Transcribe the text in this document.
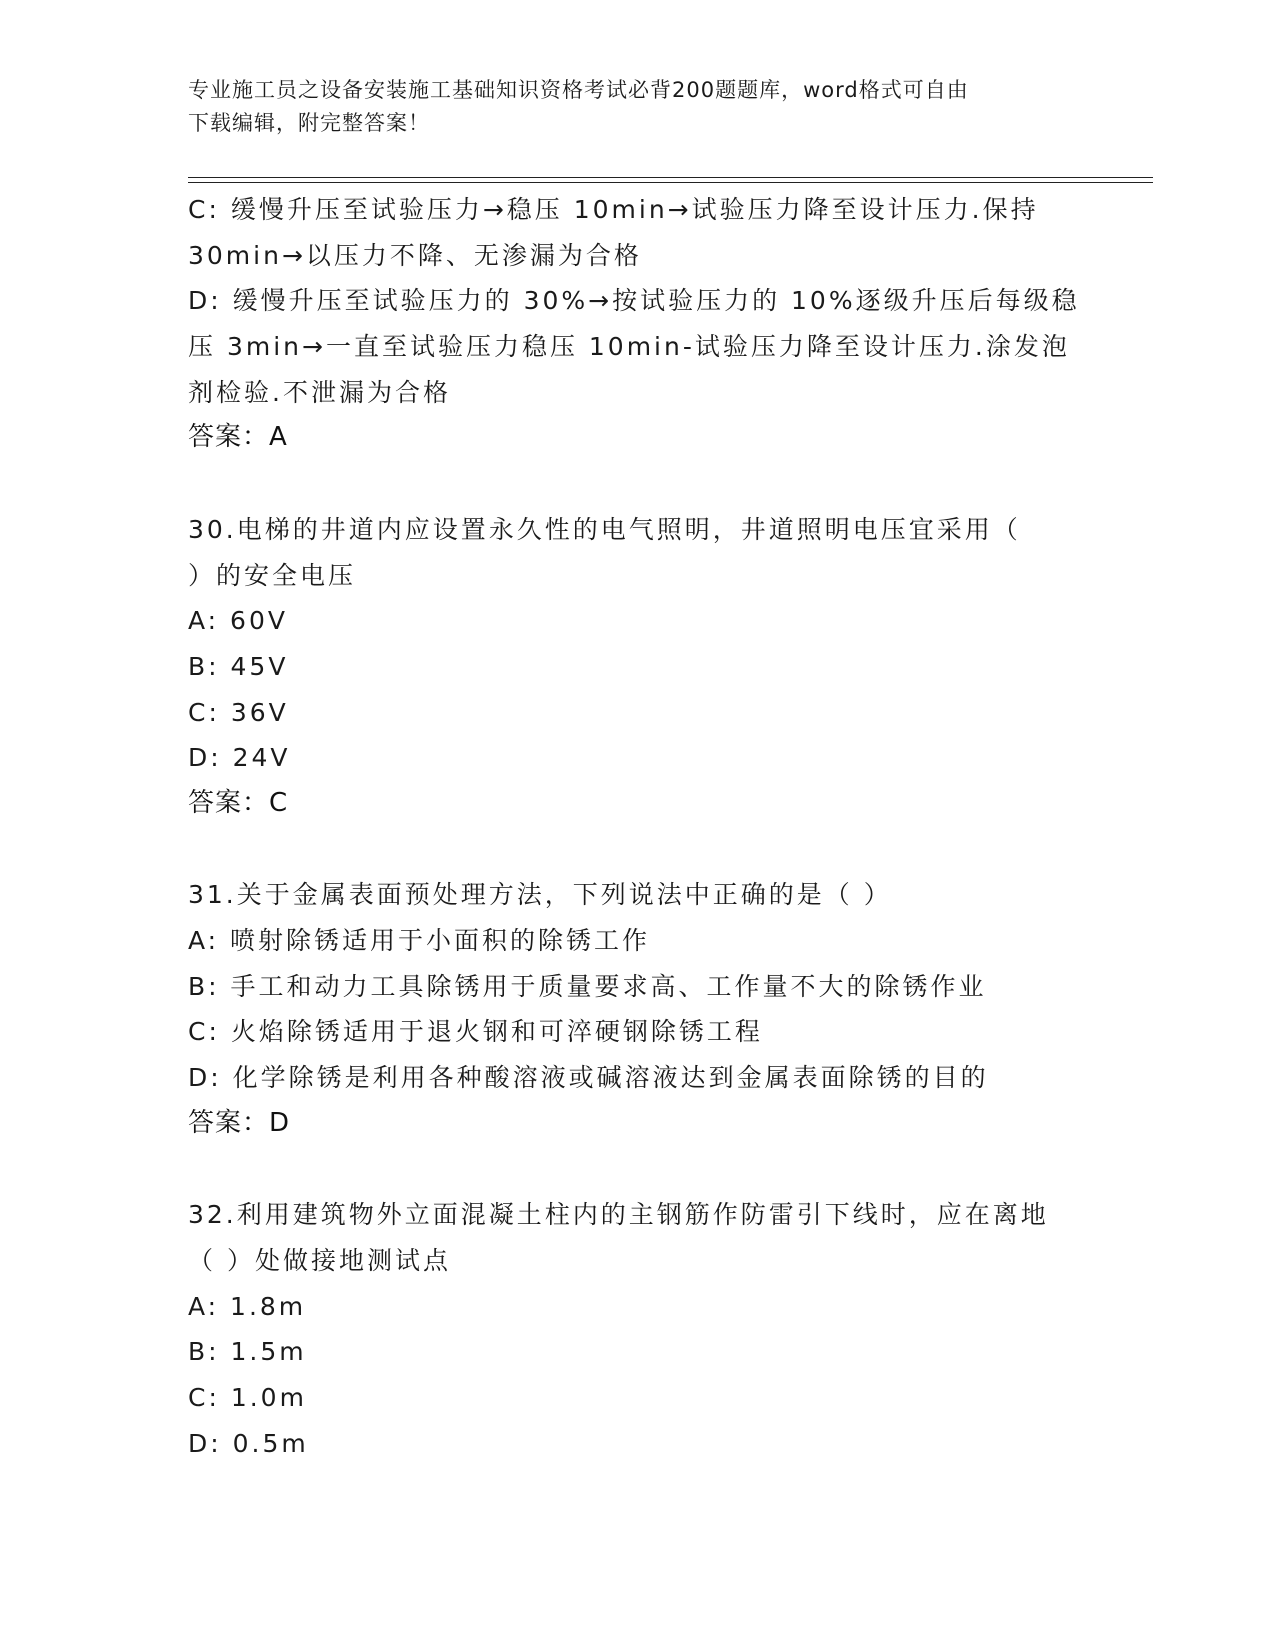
专业施工员之设备安装施工基础知识资格考试必背200题题库，word格式可自由
下载编辑，附完整答案！
C: 缓慢升压至试验压力→稳压 10min→试验压力降至设计压力.保持
30min→以压力不降、无渗漏为合格
D: 缓慢升压至试验压力的 30%→按试验压力的 10%逐级升压后每级稳
压 3min→一直至试验压力稳压 10min-试验压力降至设计压力.涂发泡
剂检验.不泄漏为合格
答案：A
30.电梯的井道内应设置永久性的电气照明，井道照明电压宜采用（
）的安全电压
A: 60V
B: 45V
C: 36V
D: 24V
答案：C
31.关于金属表面预处理方法，下列说法中正确的是（ ）
A: 喷射除锈适用于小面积的除锈工作
B: 手工和动力工具除锈用于质量要求高、工作量不大的除锈作业
C: 火焰除锈适用于退火钢和可淬硬钢除锈工程
D: 化学除锈是利用各种酸溶液或碱溶液达到金属表面除锈的目的
答案：D
32.利用建筑物外立面混凝土柱内的主钢筋作防雷引下线时，应在离地
（ ）处做接地测试点
A: 1.8m
B: 1.5m
C: 1.0m
D: 0.5m
